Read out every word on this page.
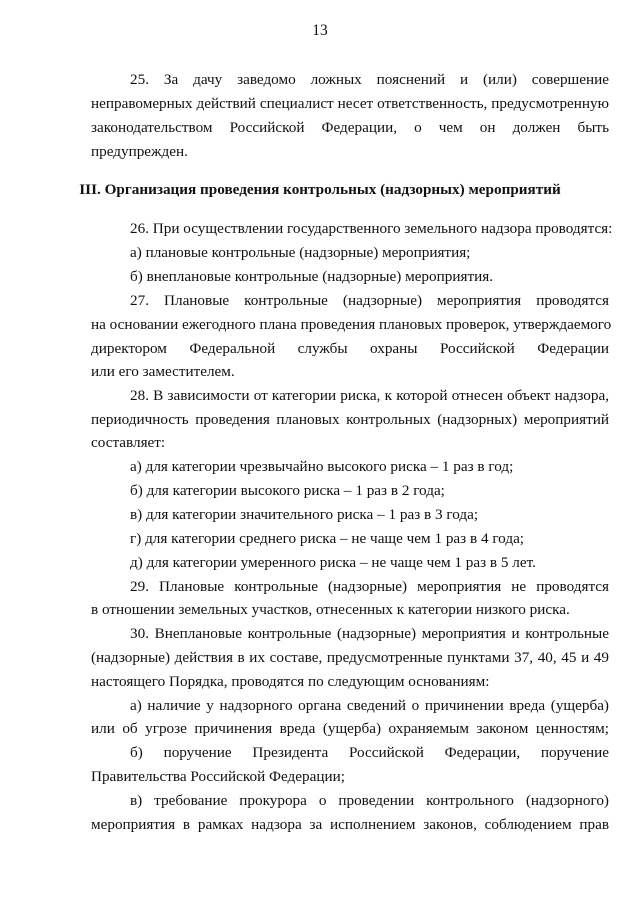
13
25. За дачу заведомо ложных пояснений и (или) совершение
неправомерных действий специалист несет ответственность, предусмотренную
законодательством Российской Федерации, о чем он должен быть
предупрежден.
III. Организация проведения контрольных (надзорных) мероприятий
26. При осуществлении государственного земельного надзора проводятся:
а) плановые контрольные (надзорные) мероприятия;
б) внеплановые контрольные (надзорные) мероприятия.
27. Плановые контрольные (надзорные) мероприятия проводятся
на основании ежегодного плана проведения плановых проверок, утверждаемого
директором Федеральной службы охраны Российской Федерации
или его заместителем.
28. В зависимости от категории риска, к которой отнесен объект надзора,
периодичность проведения плановых контрольных (надзорных) мероприятий
составляет:
а) для категории чрезвычайно высокого риска – 1 раз в год;
б) для категории высокого риска – 1 раз в 2 года;
в) для категории значительного риска – 1 раз в 3 года;
г) для категории среднего риска – не чаще чем 1 раз в 4 года;
д) для категории умеренного риска – не чаще чем 1 раз в 5 лет.
29. Плановые контрольные (надзорные) мероприятия не проводятся
в отношении земельных участков, отнесенных к категории низкого риска.
30. Внеплановые контрольные (надзорные) мероприятия и контрольные
(надзорные) действия в их составе, предусмотренные пунктами 37, 40, 45 и 49
настоящего Порядка, проводятся по следующим основаниям:
а) наличие у надзорного органа сведений о причинении вреда (ущерба)
или об угрозе причинения вреда (ущерба) охраняемым законом ценностям;
б) поручение Президента Российской Федерации, поручение
Правительства Российской Федерации;
в) требование прокурора о проведении контрольного (надзорного)
мероприятия в рамках надзора за исполнением законов, соблюдением прав
